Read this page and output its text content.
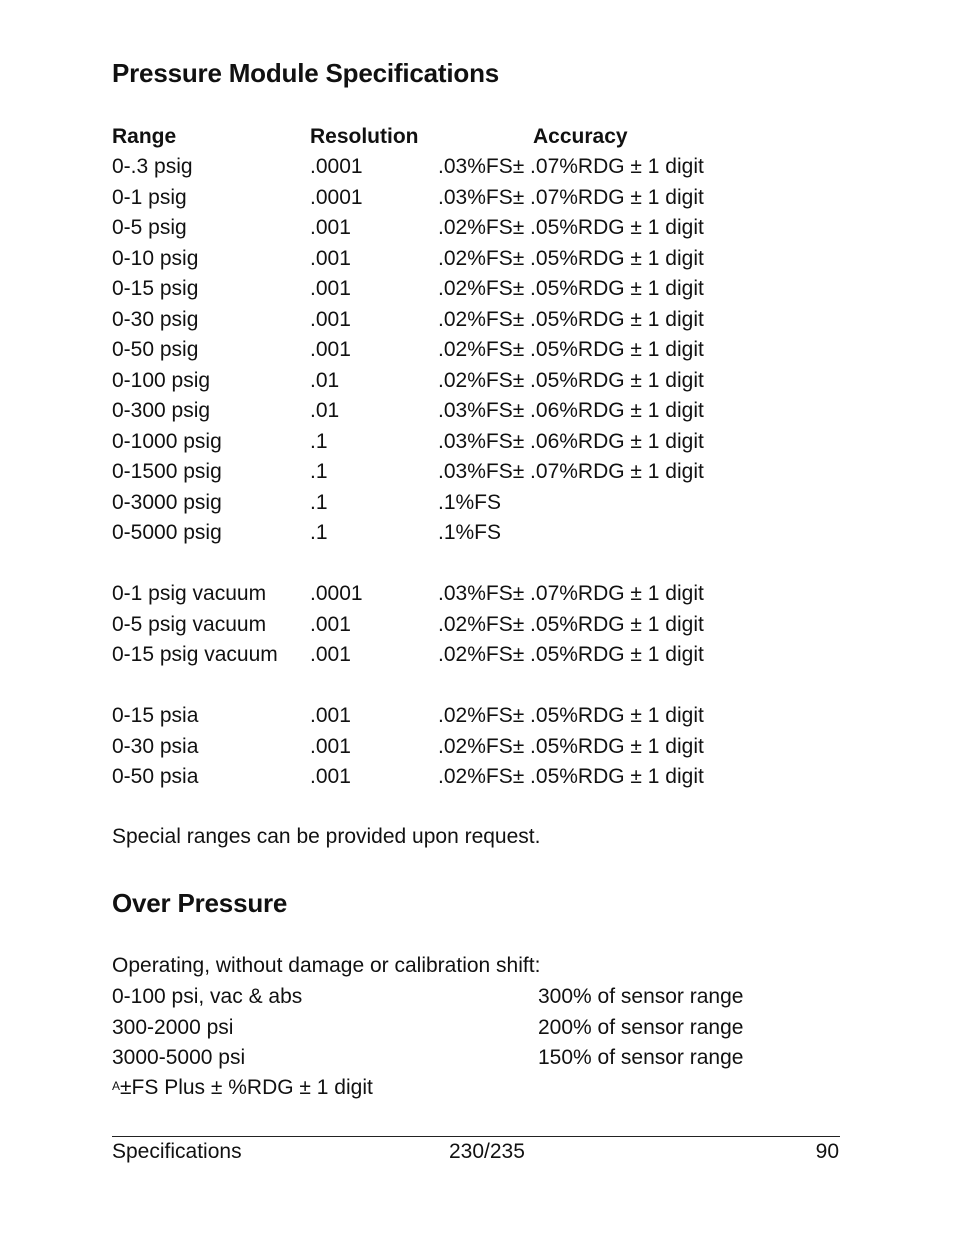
Pressure Module Specifications
Range	Resolution	Accuracy
0-.3 psig	.0001	.03%FS± .07%RDG ± 1 digit
0-1 psig	.0001	.03%FS± .07%RDG ± 1 digit
0-5 psig	.001	.02%FS± .05%RDG ± 1 digit
0-10 psig	.001	.02%FS± .05%RDG ± 1 digit
0-15 psig	.001	.02%FS± .05%RDG ± 1 digit
0-30 psig	.001	.02%FS± .05%RDG ± 1 digit
0-50 psig	.001	.02%FS± .05%RDG ± 1 digit
0-100 psig	.01	.02%FS± .05%RDG ± 1 digit
0-300 psig	.01	.03%FS± .06%RDG ± 1 digit
0-1000 psig	.1	.03%FS± .06%RDG ± 1 digit
0-1500 psig	.1	.03%FS± .07%RDG ± 1 digit
0-3000 psig	.1	.1%FS
0-5000 psig	.1	.1%FS
0-1 psig vacuum .0001	.03%FS± .07%RDG ± 1 digit
0-5 psig vacuum .001	.02%FS± .05%RDG ± 1 digit
0-15 psig vacuum .001	.02%FS± .05%RDG ± 1 digit
0-15 psia	.001	.02%FS± .05%RDG ± 1 digit
0-30 psia	.001	.02%FS± .05%RDG ± 1 digit
0-50 psia	.001	.02%FS± .05%RDG ± 1 digit
Special ranges can be provided upon request.
Over Pressure
Operating, without damage or calibration shift:
0-100 psi, vac & abs	300% of sensor range
300-2000 psi	200% of sensor range
3000-5000 psi	150% of sensor range
$^A$±FS Plus ± %RDG ± 1 digit
Specifications	230/235	90
